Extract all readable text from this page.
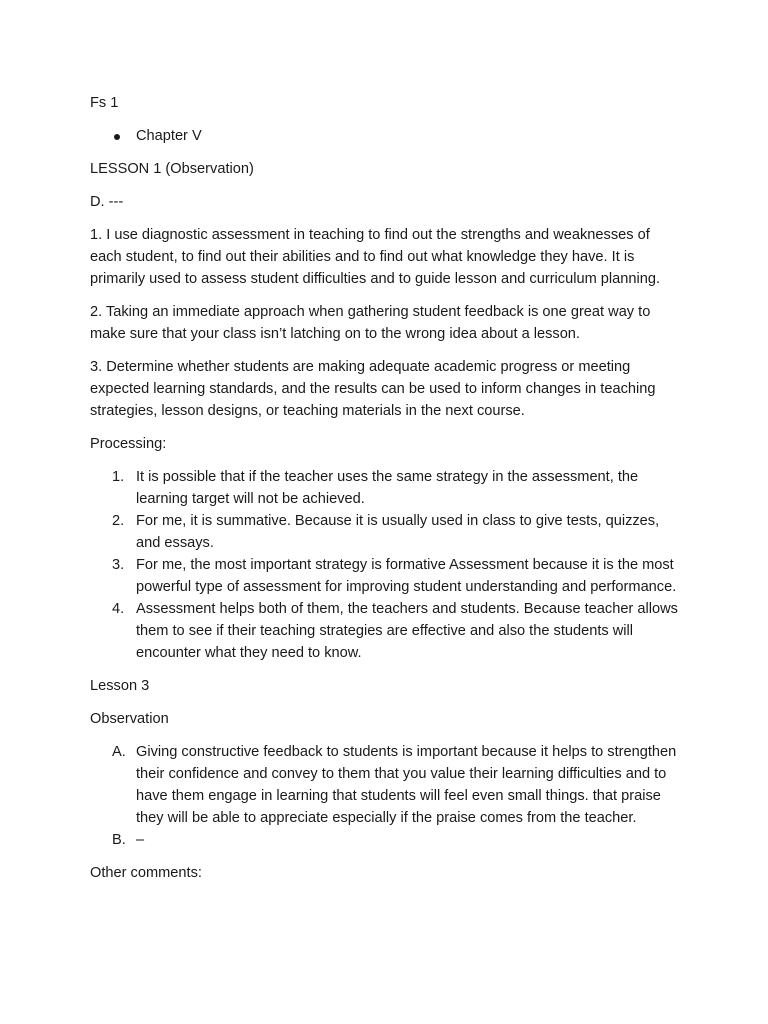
Fs 1

Chapter V

LESSON 1 (Observation)

D. ---

1. I use diagnostic assessment in teaching to find out the strengths and weaknesses of each student, to find out their abilities and to find out what knowledge they have. It is primarily used to assess student difficulties and to guide lesson and curriculum planning.

2. Taking an immediate approach when gathering student feedback is one great way to make sure that your class isn’t latching on to the wrong idea about a lesson.

3. Determine whether students are making adequate academic progress or meeting expected learning standards, and the results can be used to inform changes in teaching strategies, lesson designs, or teaching materials in the next course.

Processing:

1. It is possible that if the teacher uses the same strategy in the assessment, the learning target will not be achieved.
2. For me, it is summative. Because it is usually used in class to give tests, quizzes, and essays.
3. For me, the most important strategy is formative Assessment because it is the most powerful type of assessment for improving student understanding and performance.
4. Assessment helps both of them, the teachers and students. Because teacher allows them to see if their teaching strategies are effective and also the students will encounter what they need to know.

Lesson 3

Observation

A. Giving constructive feedback to students is important because it helps to strengthen their confidence and convey to them that you value their learning difficulties and to have them engage in learning that students will feel even small things. that praise they will be able to appreciate especially if the praise comes from the teacher.
B. –

Other comments:
